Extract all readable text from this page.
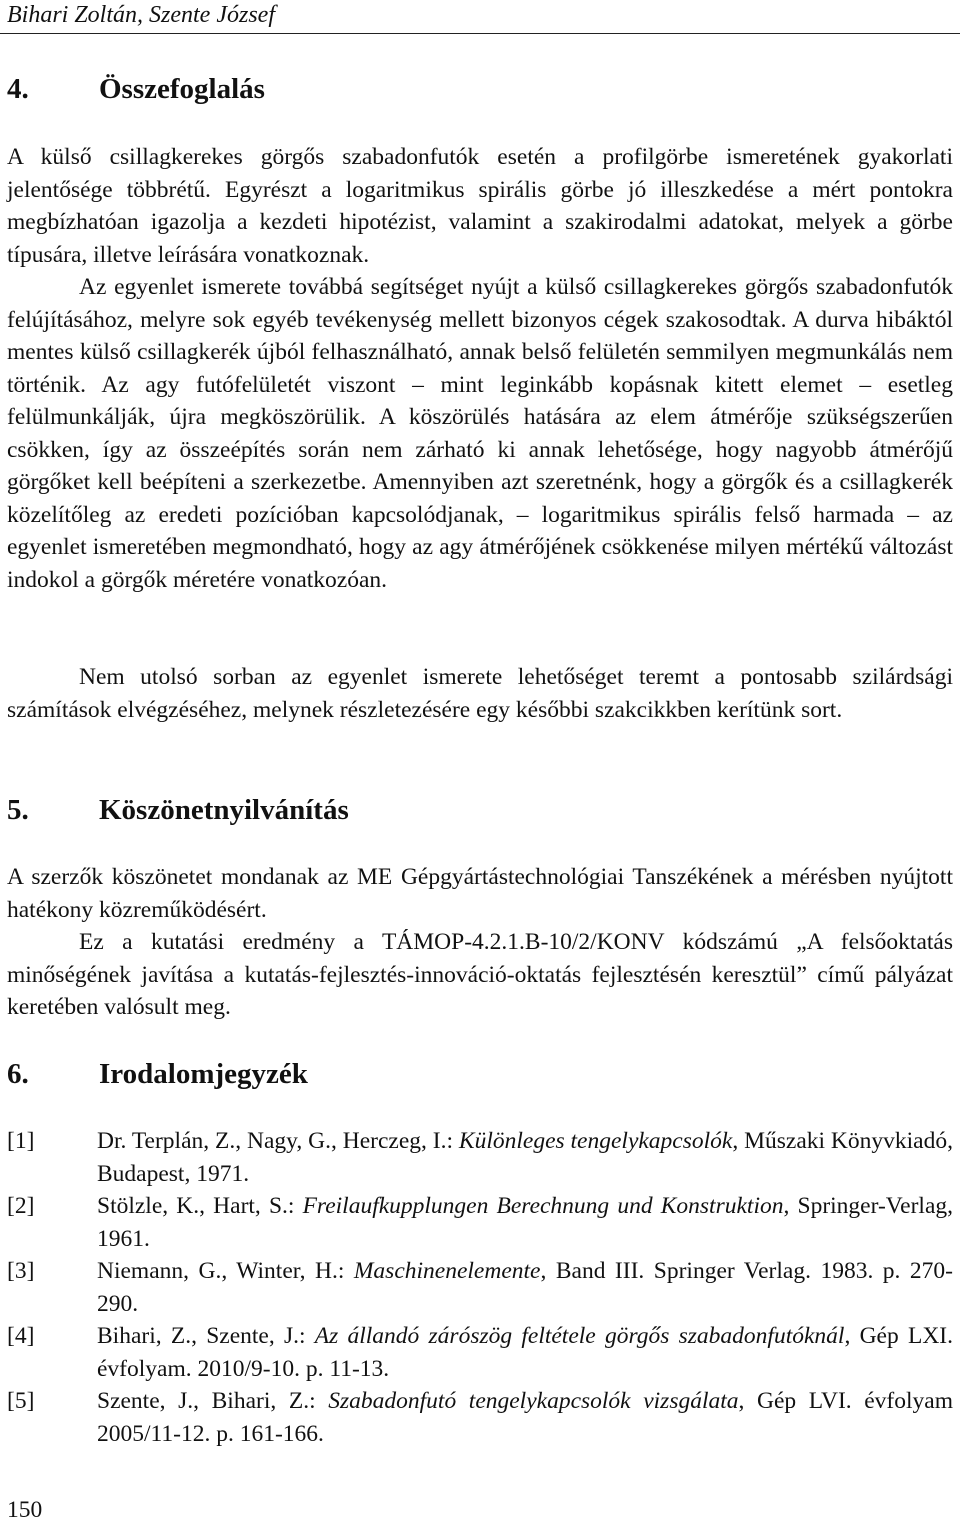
Bihari Zoltán, Szente József
4. Összefoglalás
A külső csillagkerekes görgős szabadonfutók esetén a profilgörbe ismeretének gyakorlati jelentősége többrétű. Egyrészt a logaritmikus spirális görbe jó illeszkedése a mért pontokra megbízhatóan igazolja a kezdeti hipotézist, valamint a szakirodalmi adatokat, melyek a görbe típusára, illetve leírására vonatkoznak.
Az egyenlet ismerete továbbá segítséget nyújt a külső csillagkerekes görgős szabadonfutók felújításához, melyre sok egyéb tevékenység mellett bizonyos cégek szakosodtak. A durva hibáktól mentes külső csillagkerék újból felhasználható, annak belső felületén semmilyen megmunkálás nem történik. Az agy futófelületét viszont – mint leginkább kopásnak kitett elemet – esetleg felülmunkálják, újra megköszörülik. A köszörülés hatására az elem átmérője szükségszerűen csökken, így az összeépítés során nem zárható ki annak lehetősége, hogy nagyobb átmérőjű görgőket kell beépíteni a szerkezetbe. Amennyiben azt szeretnénk, hogy a görgők és a csillagkerék közelítőleg az eredeti pozícióban kapcsolódjanak, – logaritmikus spirális felső harmada – az egyenlet ismeretében megmondható, hogy az agy átmérőjének csökkenése milyen mértékű változást indokol a görgők méretére vonatkozóan.
Nem utolsó sorban az egyenlet ismerete lehetőséget teremt a pontosabb szilárdsági számítások elvégzéséhez, melynek részletezésére egy későbbi szakcikkben kerítünk sort.
5. Köszönetnyilvánítás
A szerzők köszönetet mondanak az ME Gépgyártástechnológiai Tanszékének a mérésben nyújtott hatékony közreműködésért.
Ez a kutatási eredmény a TÁMOP-4.2.1.B-10/2/KONV kódszámú „A felsőoktatás minőségének javítása a kutatás-fejlesztés-innováció-oktatás fejlesztésén keresztül” című pályázat keretében valósult meg.
6. Irodalomjegyzék
[1]	Dr. Terplán, Z., Nagy, G., Herczeg, I.: Különleges tengelykapcsolók, Műszaki Könyvkiadó, Budapest, 1971.
[2]	Stölzle, K., Hart, S.: Freilaufkupplungen Berechnung und Konstruktion, Springer-Verlag, 1961.
[3]	Niemann, G., Winter, H.: Maschinenelemente, Band III. Springer Verlag. 1983. p. 270-290.
[4]	Bihari, Z., Szente, J.: Az állandó zárószög feltétele görgős szabadonfutóknál, Gép LXI. évfolyam. 2010/9-10. p. 11-13.
[5]	Szente, J., Bihari, Z.: Szabadonfutó tengelykapcsolók vizsgálata, Gép LVI. évfolyam 2005/11-12. p. 161-166.
150
